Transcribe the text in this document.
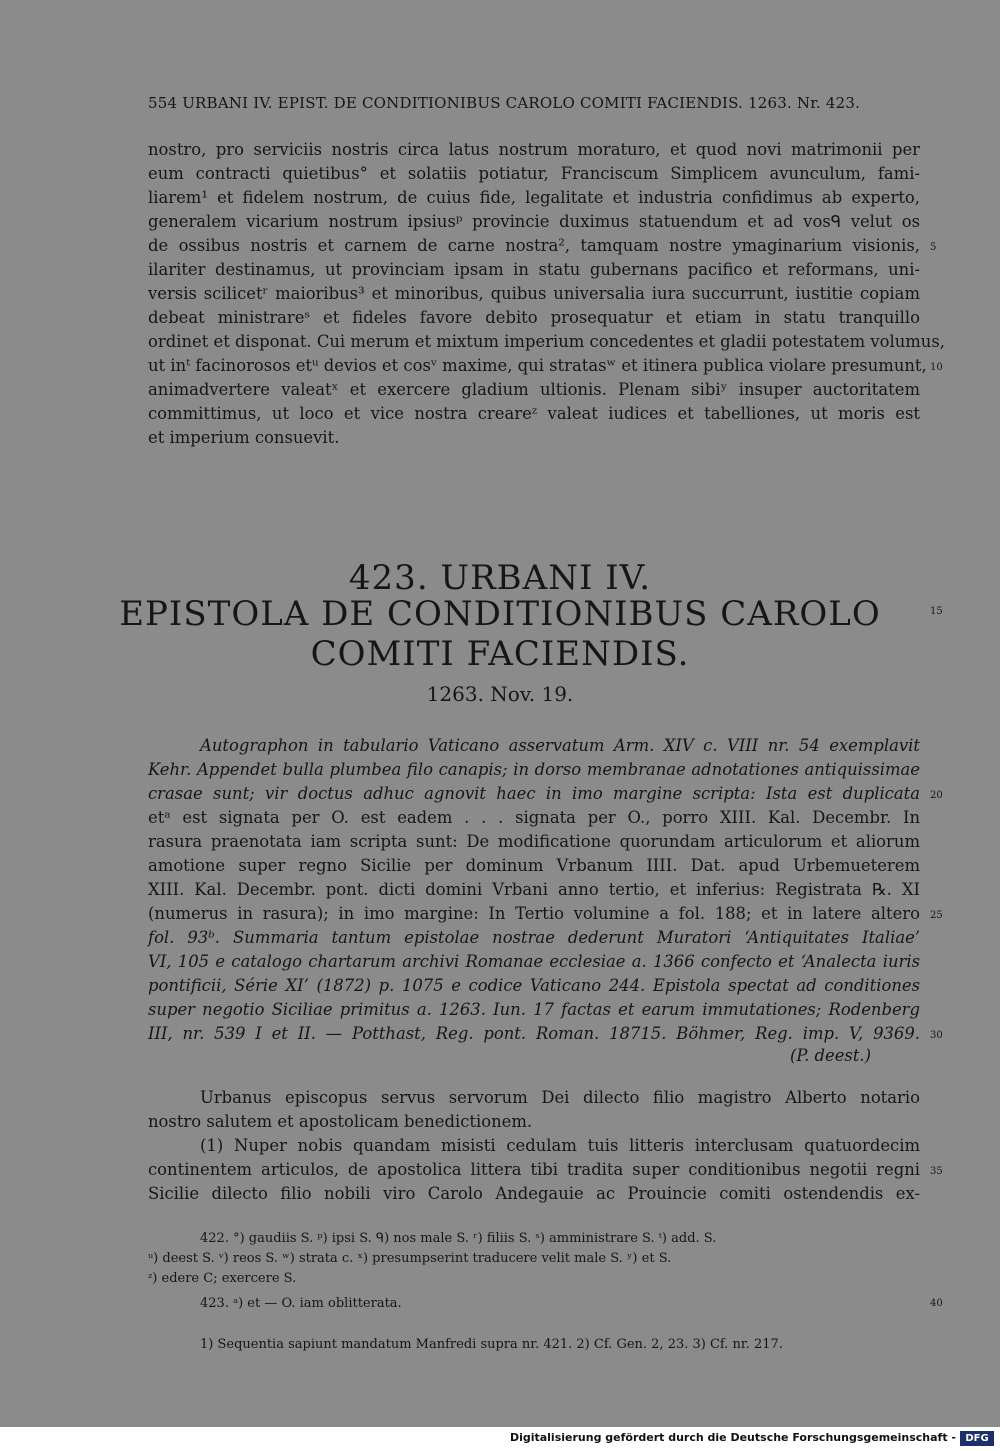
554 URBANI IV. EPIST. DE CONDITIONIBUS CAROLO COMITI FACIENDIS. 1263. Nr. 423.
nostro, pro serviciis nostris circa latus nostrum moraturo, et quod novi matrimonii per
eum contracti quietibus° et solatiis potiatur, Franciscum Simplicem avunculum, fami-
liarem¹ et fidelem nostrum, de cuius fide, legalitate et industria confidimus ab experto,
generalem vicarium nostrum ipsiusᵖ provincie duximus statuendum et ad vosᑫ velut os
de ossibus nostris et carnem de carne nostra², tamquam nostre ymaginarium visionis,
ilariter destinamus, ut provinciam ipsam in statu gubernans pacifico et reformans, uni-
versis scilicetʳ maioribus³ et minoribus, quibus universalia iura succurrunt, iustitie copiam
debeat ministrareˢ et fideles favore debito prosequatur et etiam in statu tranquillo
ordinet et disponat. Cui merum et mixtum imperium concedentes et gladii potestatem volumus,
ut inᵗ facinorosos etᵘ devios et cosᵛ maxime, qui stratasʷ et itinera publica violare presumunt,
animadvertere valeatˣ et exercere gladium ultionis. Plenam sibiʸ insuper auctoritatem
committimus, ut loco et vice nostra creareᶻ valeat iudices et tabelliones, ut moris est
et imperium consuevit.
5
10
423. URBANI IV.
EPISTOLA DE CONDITIONIBUS CAROLO
COMITI FACIENDIS.
15
1263. Nov. 19.
Autographon in tabulario Vaticano asservatum Arm. XIV c. VIII nr. 54 exemplavit
Kehr. Appendet bulla plumbea filo canapis; in dorso membranae adnotationes antiquissimae
crasae sunt; vir doctus adhuc agnovit haec in imo margine scripta: Ista est duplicata
etᵃ est signata per O. est eadem . . . signata per O., porro XIII. Kal. Decembr. In
rasura praenotata iam scripta sunt: De modificatione quorundam articulorum et aliorum
amotione super regno Sicilie per dominum Vrbanum IIII. Dat. apud Urbemueterem
XIII. Kal. Decembr. pont. dicti domini Vrbani anno tertio, et inferius: Registrata ℞. XI
(numerus in rasura); in imo margine: In Tertio volumine a fol. 188; et in latere altero
fol. 93ᵇ. Summaria tantum epistolae nostrae dederunt Muratori ‘Antiquitates Italiae’
VI, 105 e catalogo chartarum archivi Romanae ecclesiae a. 1366 confecto et ‘Analecta iuris
pontificii, Série XI’ (1872) p. 1075 e codice Vaticano 244. Epistola spectat ad conditiones
super negotio Siciliae primitus a. 1263. Iun. 17 factas et earum immutationes; Rodenberg
III, nr. 539 I et II. — Potthast, Reg. pont. Roman. 18715. Böhmer, Reg. imp. V, 9369.
(P. deest.)
20
25
30
Urbanus episcopus servus servorum Dei dilecto filio magistro Alberto notario
nostro salutem et apostolicam benedictionem.
(1) Nuper nobis quandam misisti cedulam tuis litteris interclusam quatuordecim
continentem articulos, de apostolica littera tibi tradita super conditionibus negotii regni
Sicilie dilecto filio nobili viro Carolo Andegauie ac Prouincie comiti ostendendis ex-
35
422. °) gaudiis S. ᵖ) ipsi S. ᑫ) nos male S. ʳ) filiis S. ˢ) amministrare S. ᵗ) add. S.
ᵘ) deest S. ᵛ) reos S. ʷ) strata c. ˣ) presumpserint traducere velit male S. ʸ) et S.
ᶻ) edere C; exercere S.
423. ᵃ) et — O. iam oblitterata.	40
1) Sequentia sapiunt mandatum Manfredi supra nr. 421. 2) Cf. Gen. 2, 23. 3) Cf. nr. 217.
Digitalisierung gefördert durch die Deutsche Forschungsgemeinschaft - DFG
